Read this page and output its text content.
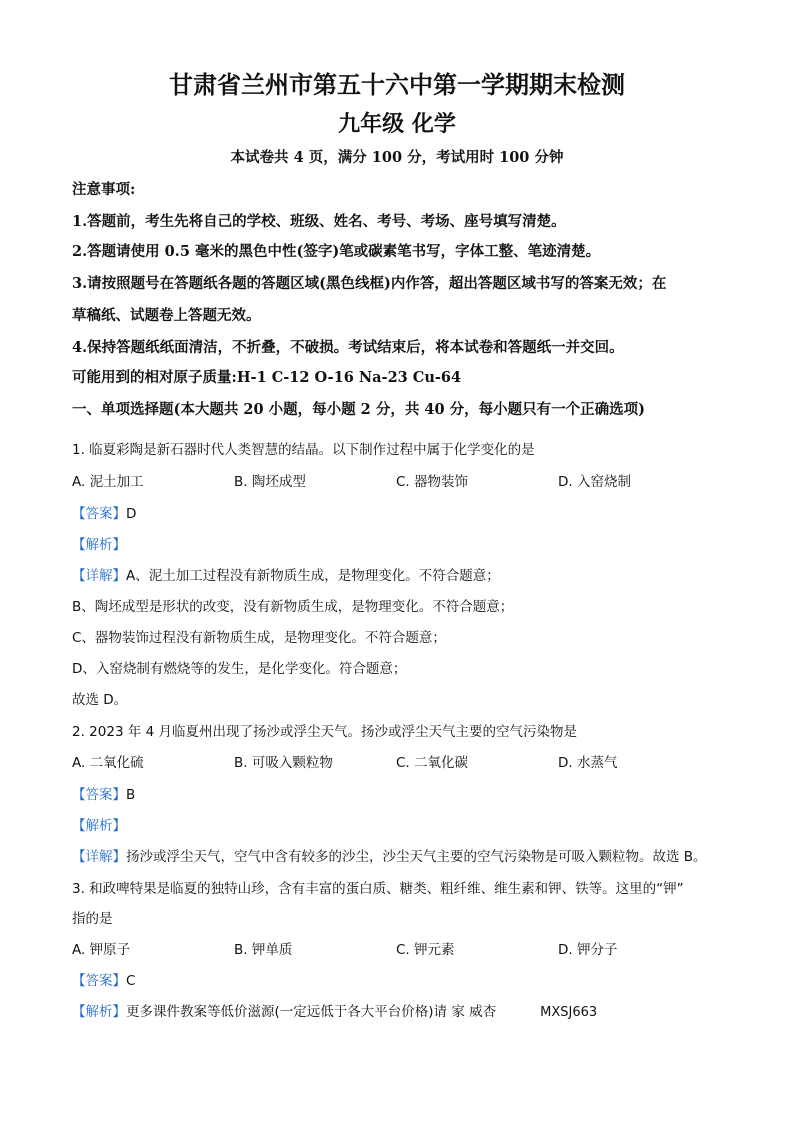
甘肃省兰州市第五十六中第一学期期末检测
九年级 化学
本试卷共 4 页，满分 100 分，考试用时 100 分钟
注意事项:
1.答题前，考生先将自己的学校、班级、姓名、考号、考场、座号填写清楚。
2.答题请使用 0.5 毫米的黑色中性(签字)笔或碳素笔书写，字体工整、笔迹清楚。
3.请按照题号在答题纸各题的答题区域(黑色线框)内作答，超出答题区域书写的答案无效；在
草稿纸、试题卷上答题无效。
4.保持答题纸纸面清洁，不折叠，不破损。考试结束后，将本试卷和答题纸一并交回。
可能用到的相对原子质量:H-1 C-12 O-16 Na-23 Cu-64
一、单项选择题(本大题共 20 小题，每小题 2 分，共 40 分，每小题只有一个正确选项)
1. 临夏彩陶是新石器时代人类智慧的结晶。以下制作过程中属于化学变化的是
A. 泥土加工	B. 陶坯成型	C. 器物装饰	D. 入窑烧制
【答案】D
【解析】
【详解】A、泥土加工过程没有新物质生成，是物理变化。不符合题意；
B、陶坯成型是形状的改变，没有新物质生成，是物理变化。不符合题意；
C、器物装饰过程没有新物质生成，是物理变化。不符合题意；
D、入窑烧制有燃烧等的发生，是化学变化。符合题意；
故选 D。
2. 2023 年 4 月临夏州出现了扬沙或浮尘天气。扬沙或浮尘天气主要的空气污染物是
A. 二氧化硫	B. 可吸入颗粒物	C. 二氧化碳	D. 水蒸气
【答案】B
【解析】
【详解】扬沙或浮尘天气，空气中含有较多的沙尘，沙尘天气主要的空气污染物是可吸入颗粒物。故选 B。
3. 和政啤特果是临夏的独特山珍，含有丰富的蛋白质、糖类、粗纤维、维生素和钾、铁等。这里的“钾”
指的是
A. 钾原子	B. 钾单质	C. 钾元素	D. 钾分子
【答案】C
【解析】更多课件教案等低价滋源(一定远低于各大平台价格)请 家 威杏	MXSJ663
